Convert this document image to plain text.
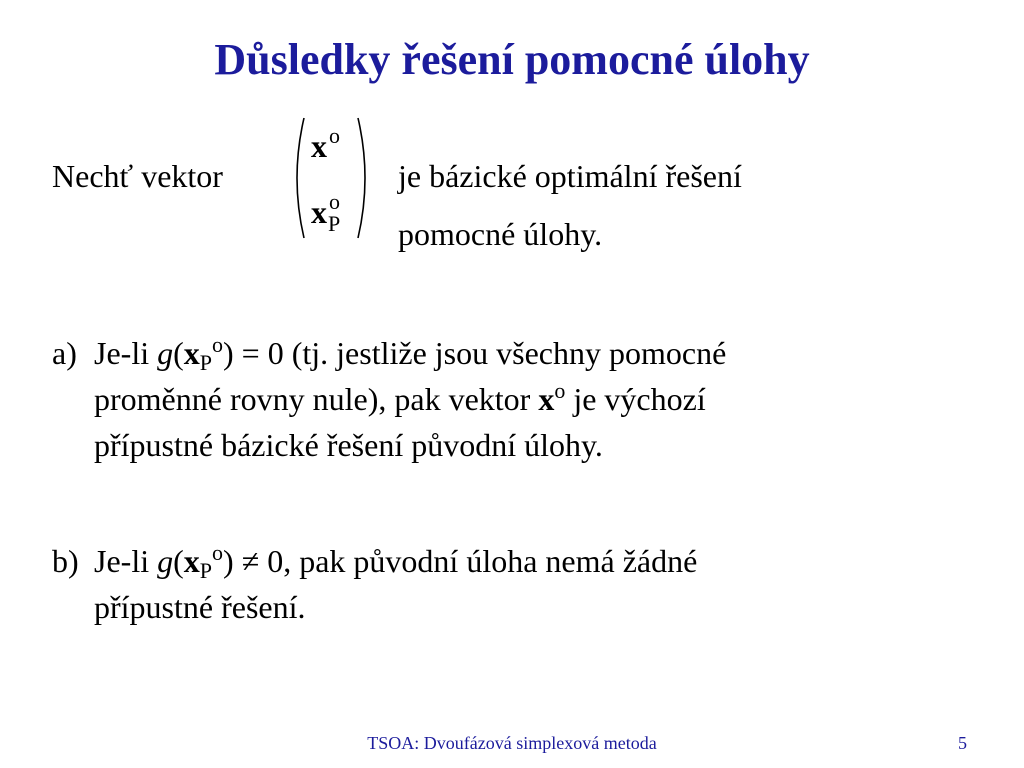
Důsledky řešení pomocné úlohy
Nechť vektor
$x^o$
$x^o_P$
je bázické optimální řešení
pomocné úlohy.
a) Je-li $g(xP^o) = 0$ (tj. jestliže jsou všechny pomocné
proměnné rovny nule), pak vektor $x^o$ je výchozí
přípustné bázické řešení původní úlohy.
b) Je-li $g(xP^o) \ne 0$, pak původní úloha nemá žádné
přípustné řešení.
TSOA: Dvoufázová simplexová metoda	5
